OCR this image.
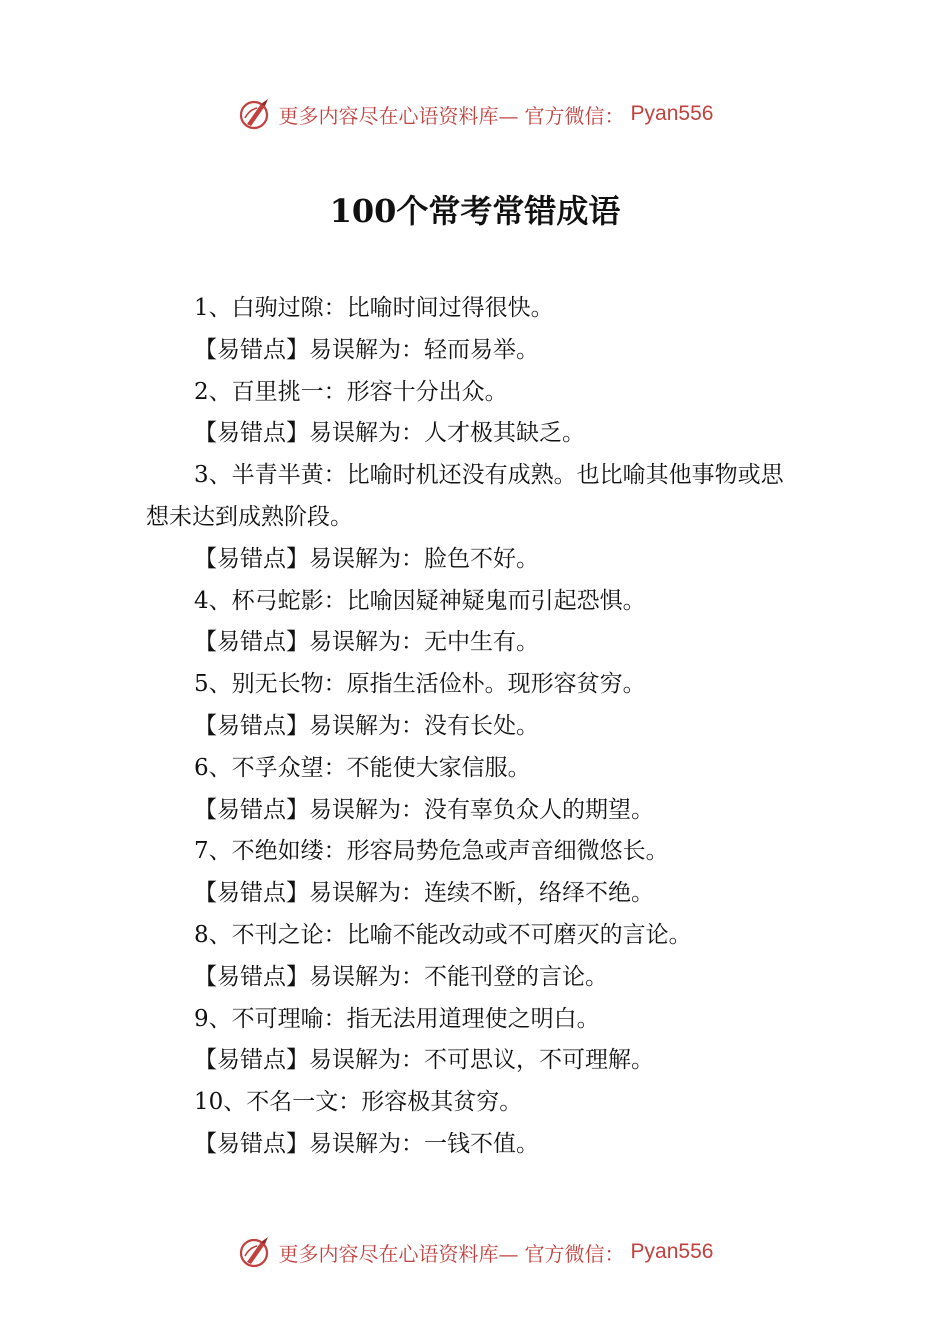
更多内容尽在心语资料库— 官方微信： Pyan556
100个常考常错成语

1、白驹过隙：比喻时间过得很快。

【易错点】易误解为：轻而易举。

2、百里挑一：形容十分出众。

【易错点】易误解为：人才极其缺乏。

3、半青半黄：比喻时机还没有成熟。也比喻其他事物或思想未达到成熟阶段。

【易错点】易误解为：脸色不好。

4、杯弓蛇影：比喻因疑神疑鬼而引起恐惧。

【易错点】易误解为：无中生有。

5、别无长物：原指生活俭朴。现形容贫穷。

【易错点】易误解为：没有长处。

6、不孚众望：不能使大家信服。

【易错点】易误解为：没有辜负众人的期望。

7、不绝如缕：形容局势危急或声音细微悠长。

【易错点】易误解为：连续不断，络绎不绝。

8、不刊之论：比喻不能改动或不可磨灭的言论。

【易错点】易误解为：不能刊登的言论。

9、不可理喻：指无法用道理使之明白。

【易错点】易误解为：不可思议，不可理解。

10、不名一文：形容极其贫穷。

【易错点】易误解为：一钱不值。

更多内容尽在心语资料库— 官方微信： Pyan556
